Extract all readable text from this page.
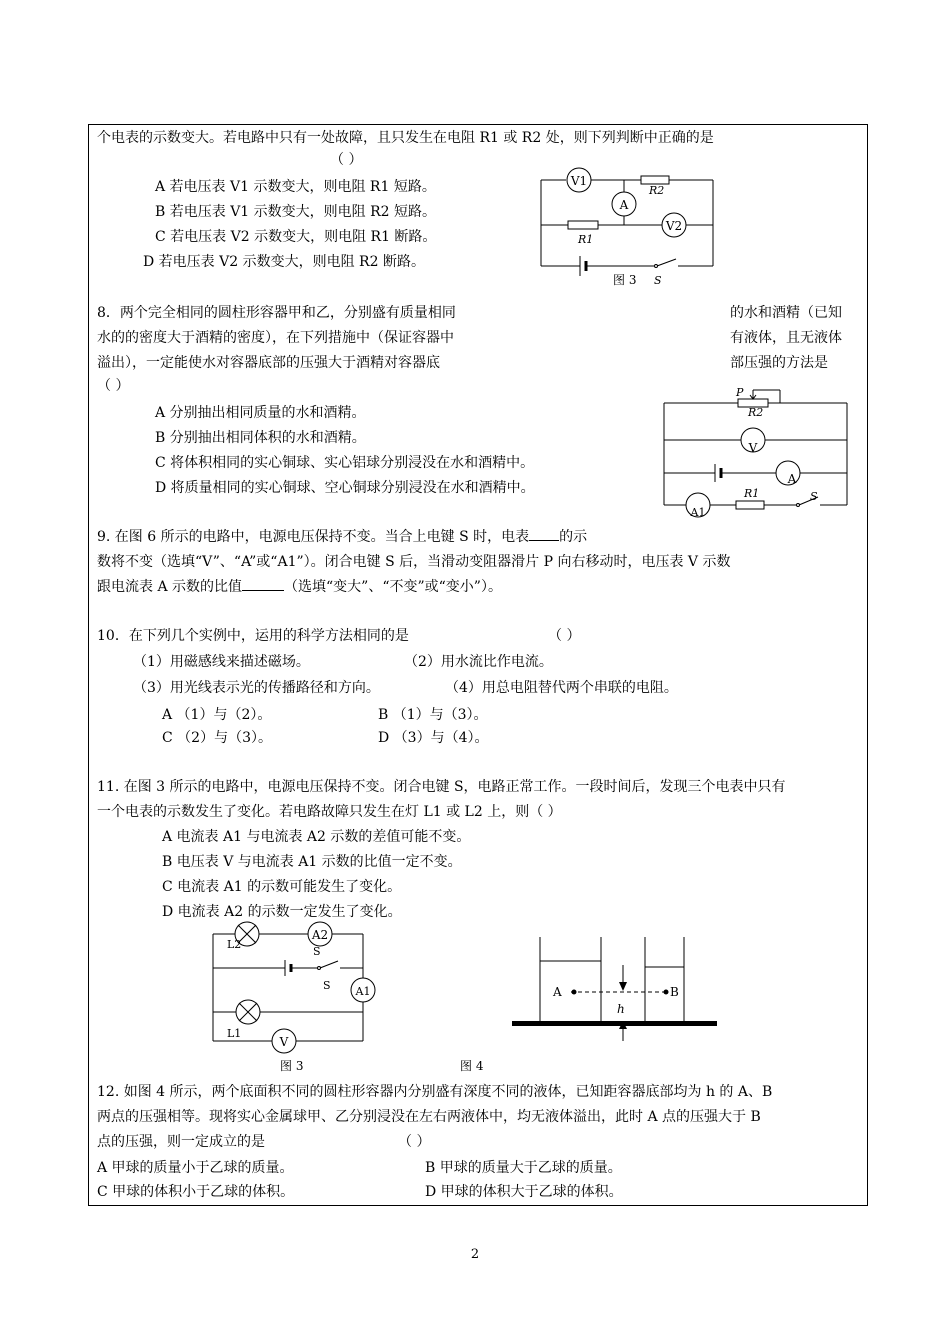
个电表的示数变大。若电路中只有一处故障，且只发生在电阻 R1 或 R2 处，则下列判断中正确的是
（ ）
A 若电压表 V1 示数变大，则电阻 R1 短路。
B 若电压表 V1 示数变大，则电阻 R2 短路。
C 若电压表 V2 示数变大，则电阻 R1 断路。
D 若电压表 V2 示数变大，则电阻 R2 断路。
V1
R2
A
V2
R1
图 3 S
8．两个完全相同的圆柱形容器甲和乙，分别盛有质量相同	的水和酒精（已知
水的的密度大于酒精的密度），在下列措施中（保证容器中	有液体，且无液体
溢出），一定能使水对容器底部的压强大于酒精对容器底	部压强的方法是
（ ）
A 分别抽出相同质量的水和酒精。
B 分别抽出相同体积的水和酒精。
C 将体积相同的实心铜球、实心铝球分别浸没在水和酒精中。
D 将质量相同的实心铜球、空心铜球分别浸没在水和酒精中。
P
R2
V
A
A1
R1	S
9. 在图 6 所示的电路中，电源电压保持不变。当合上电键 S 时，电表 的示
数将不变（选填“V”、“A”或“A1”）。闭合电键 S 后，当滑动变阻器滑片 P 向右移动时，电压表 V 示数
跟电流表 A 示数的比值	（选填“变大”、“不变”或“变小”）。
10．在下列几个实例中，运用的科学方法相同的是	（ ）
（1）用磁感线来描述磁场。	（2）用水流比作电流。
（3）用光线表示光的传播路径和方向。	（4）用总电阻替代两个串联的电阻。
A （1）与（2）。	B （1）与（3）。
C （2）与（3）。	D （3）与（4）。
11. 在图 3 所示的电路中，电源电压保持不变。闭合电键 S，电路正常工作。一段时间后，发现三个电表中只有
一个电表的示数发生了变化。若电路故障只发生在灯 L1 或 L2 上，则（ ）
A 电流表 A1 与电流表 A2 示数的差值可能不变。
B 电压表 V 与电流表 A1 示数的比值一定不变。
C 电流表 A1 的示数可能发生了变化。
D 电流表 A2 的示数一定发生了变化。
L2
A2
S
S A1
L1
V
图 3
A	B
h
图 4
12. 如图 4 所示，两个底面积不同的圆柱形容器内分别盛有深度不同的液体，已知距容器底部均为 h 的 A、B
两点的压强相等。现将实心金属球甲、乙分别浸没在左右两液体中，均无液体溢出，此时 A 点的压强大于 B
点的压强，则一定成立的是	（ ）
A 甲球的质量小于乙球的质量。	B 甲球的质量大于乙球的质量。
C 甲球的体积小于乙球的体积。	D 甲球的体积大于乙球的体积。
2
